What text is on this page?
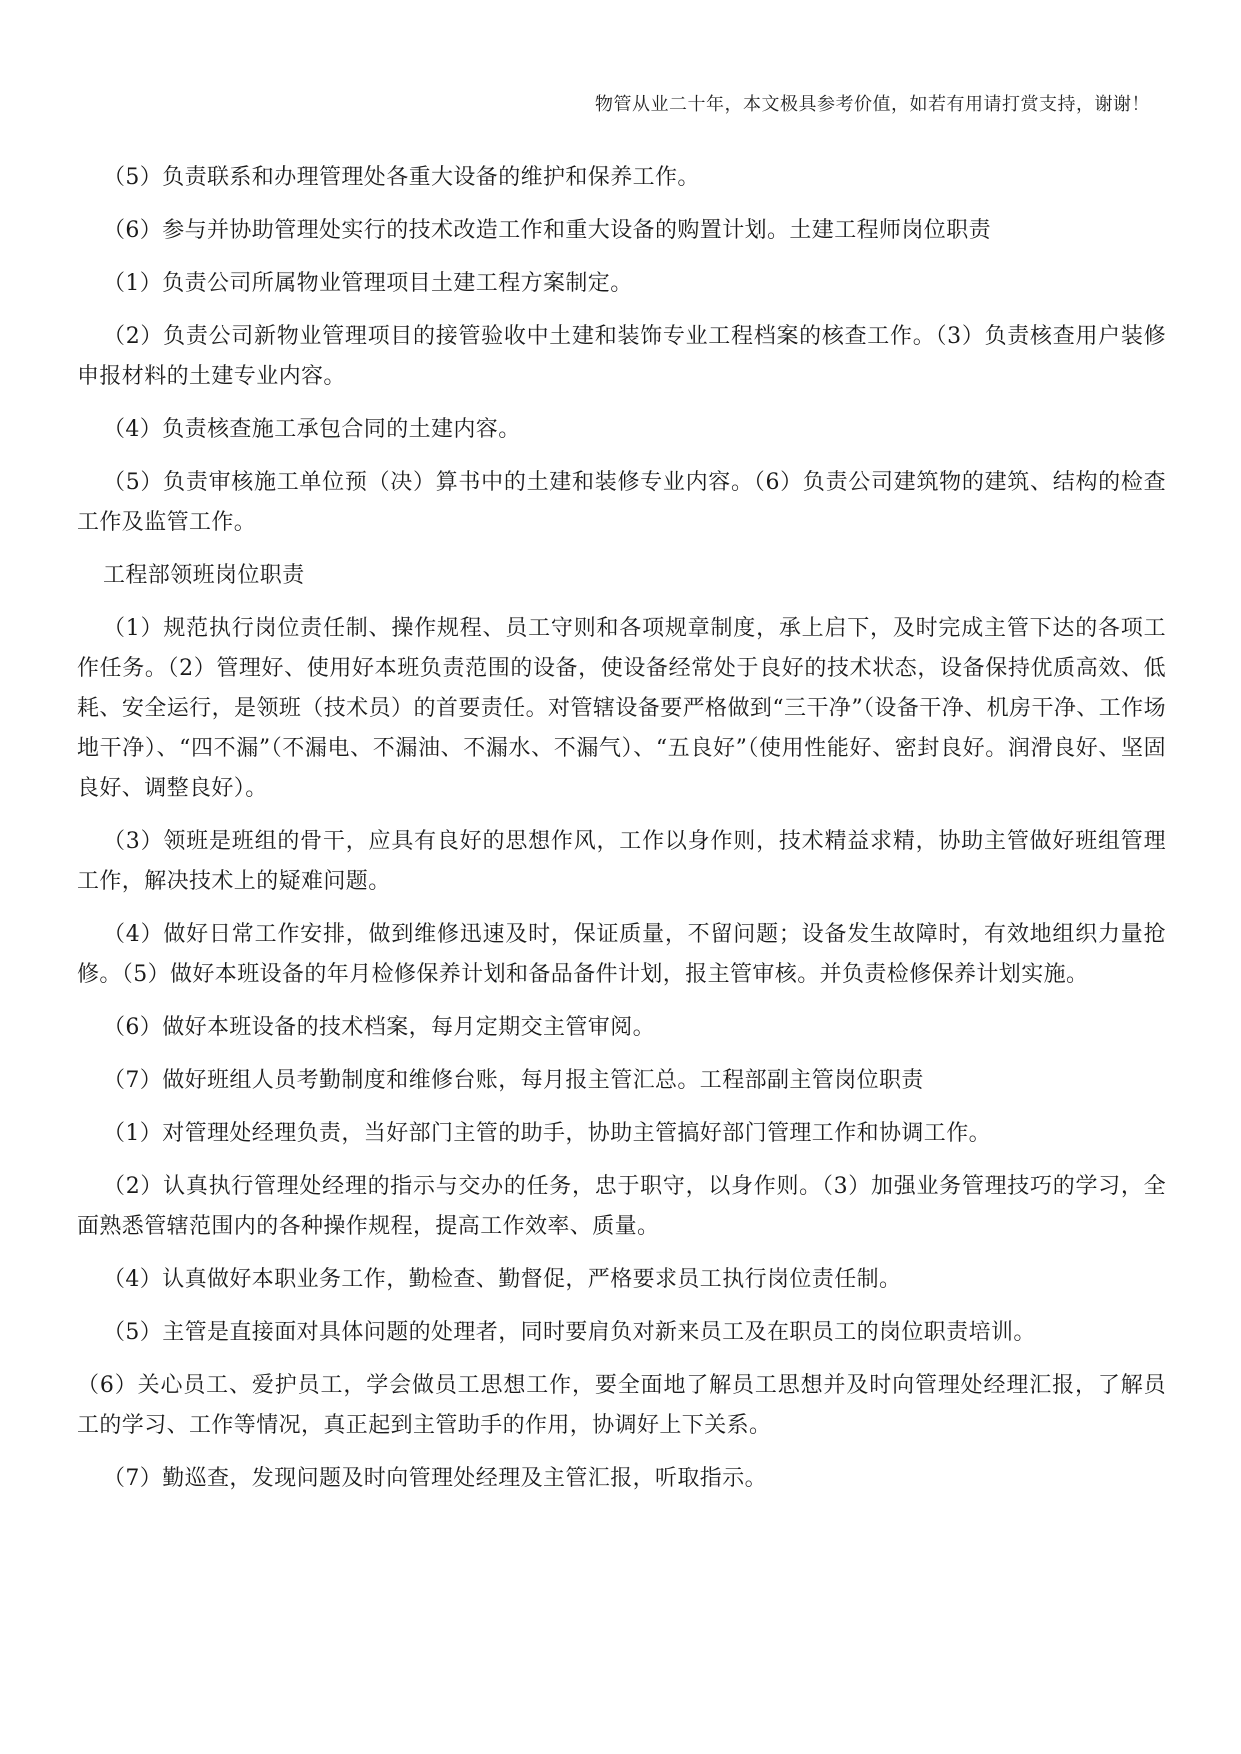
物管从业二十年，本文极具参考价值，如若有用请打赏支持，谢谢！

（5）负责联系和办理管理处各重大设备的维护和保养工作。

（6）参与并协助管理处实行的技术改造工作和重大设备的购置计划。土建工程师岗位职责

（1）负责公司所属物业管理项目土建工程方案制定。

（2）负责公司新物业管理项目的接管验收中土建和装饰专业工程档案的核查工作。（3）负责核查用户装修申报材料的土建专业内容。

（4）负责核查施工承包合同的土建内容。

（5）负责审核施工单位预（决）算书中的土建和装修专业内容。（6）负责公司建筑物的建筑、结构的检查工作及监管工作。

工程部领班岗位职责

（1）规范执行岗位责任制、操作规程、员工守则和各项规章制度，承上启下，及时完成主管下达的各项工作任务。（2）管理好、使用好本班负责范围的设备，使设备经常处于良好的技术状态，设备保持优质高效、低耗、安全运行，是领班（技术员）的首要责任。对管辖设备要严格做到“三干净”（设备干净、机房干净、工作场地干净）、“四不漏”（不漏电、不漏油、不漏水、不漏气）、“五良好”（使用性能好、密封良好。润滑良好、坚固良好、调整良好）。

（3）领班是班组的骨干，应具有良好的思想作风，工作以身作则，技术精益求精，协助主管做好班组管理工作，解决技术上的疑难问题。

（4）做好日常工作安排，做到维修迅速及时，保证质量，不留问题；设备发生故障时，有效地组织力量抢修。（5）做好本班设备的年月检修保养计划和备品备件计划，报主管审核。并负责检修保养计划实施。

（6）做好本班设备的技术档案，每月定期交主管审阅。

（7）做好班组人员考勤制度和维修台账，每月报主管汇总。工程部副主管岗位职责

（1）对管理处经理负责，当好部门主管的助手，协助主管搞好部门管理工作和协调工作。

（2）认真执行管理处经理的指示与交办的任务，忠于职守，以身作则。（3）加强业务管理技巧的学习，全面熟悉管辖范围内的各种操作规程，提高工作效率、质量。

（4）认真做好本职业务工作，勤检查、勤督促，严格要求员工执行岗位责任制。

（5）主管是直接面对具体问题的处理者，同时要肩负对新来员工及在职员工的岗位职责培训。

（6）关心员工、爱护员工，学会做员工思想工作，要全面地了解员工思想并及时向管理处经理汇报，了解员工的学习、工作等情况，真正起到主管助手的作用，协调好上下关系。

（7）勤巡查，发现问题及时向管理处经理及主管汇报，听取指示。
